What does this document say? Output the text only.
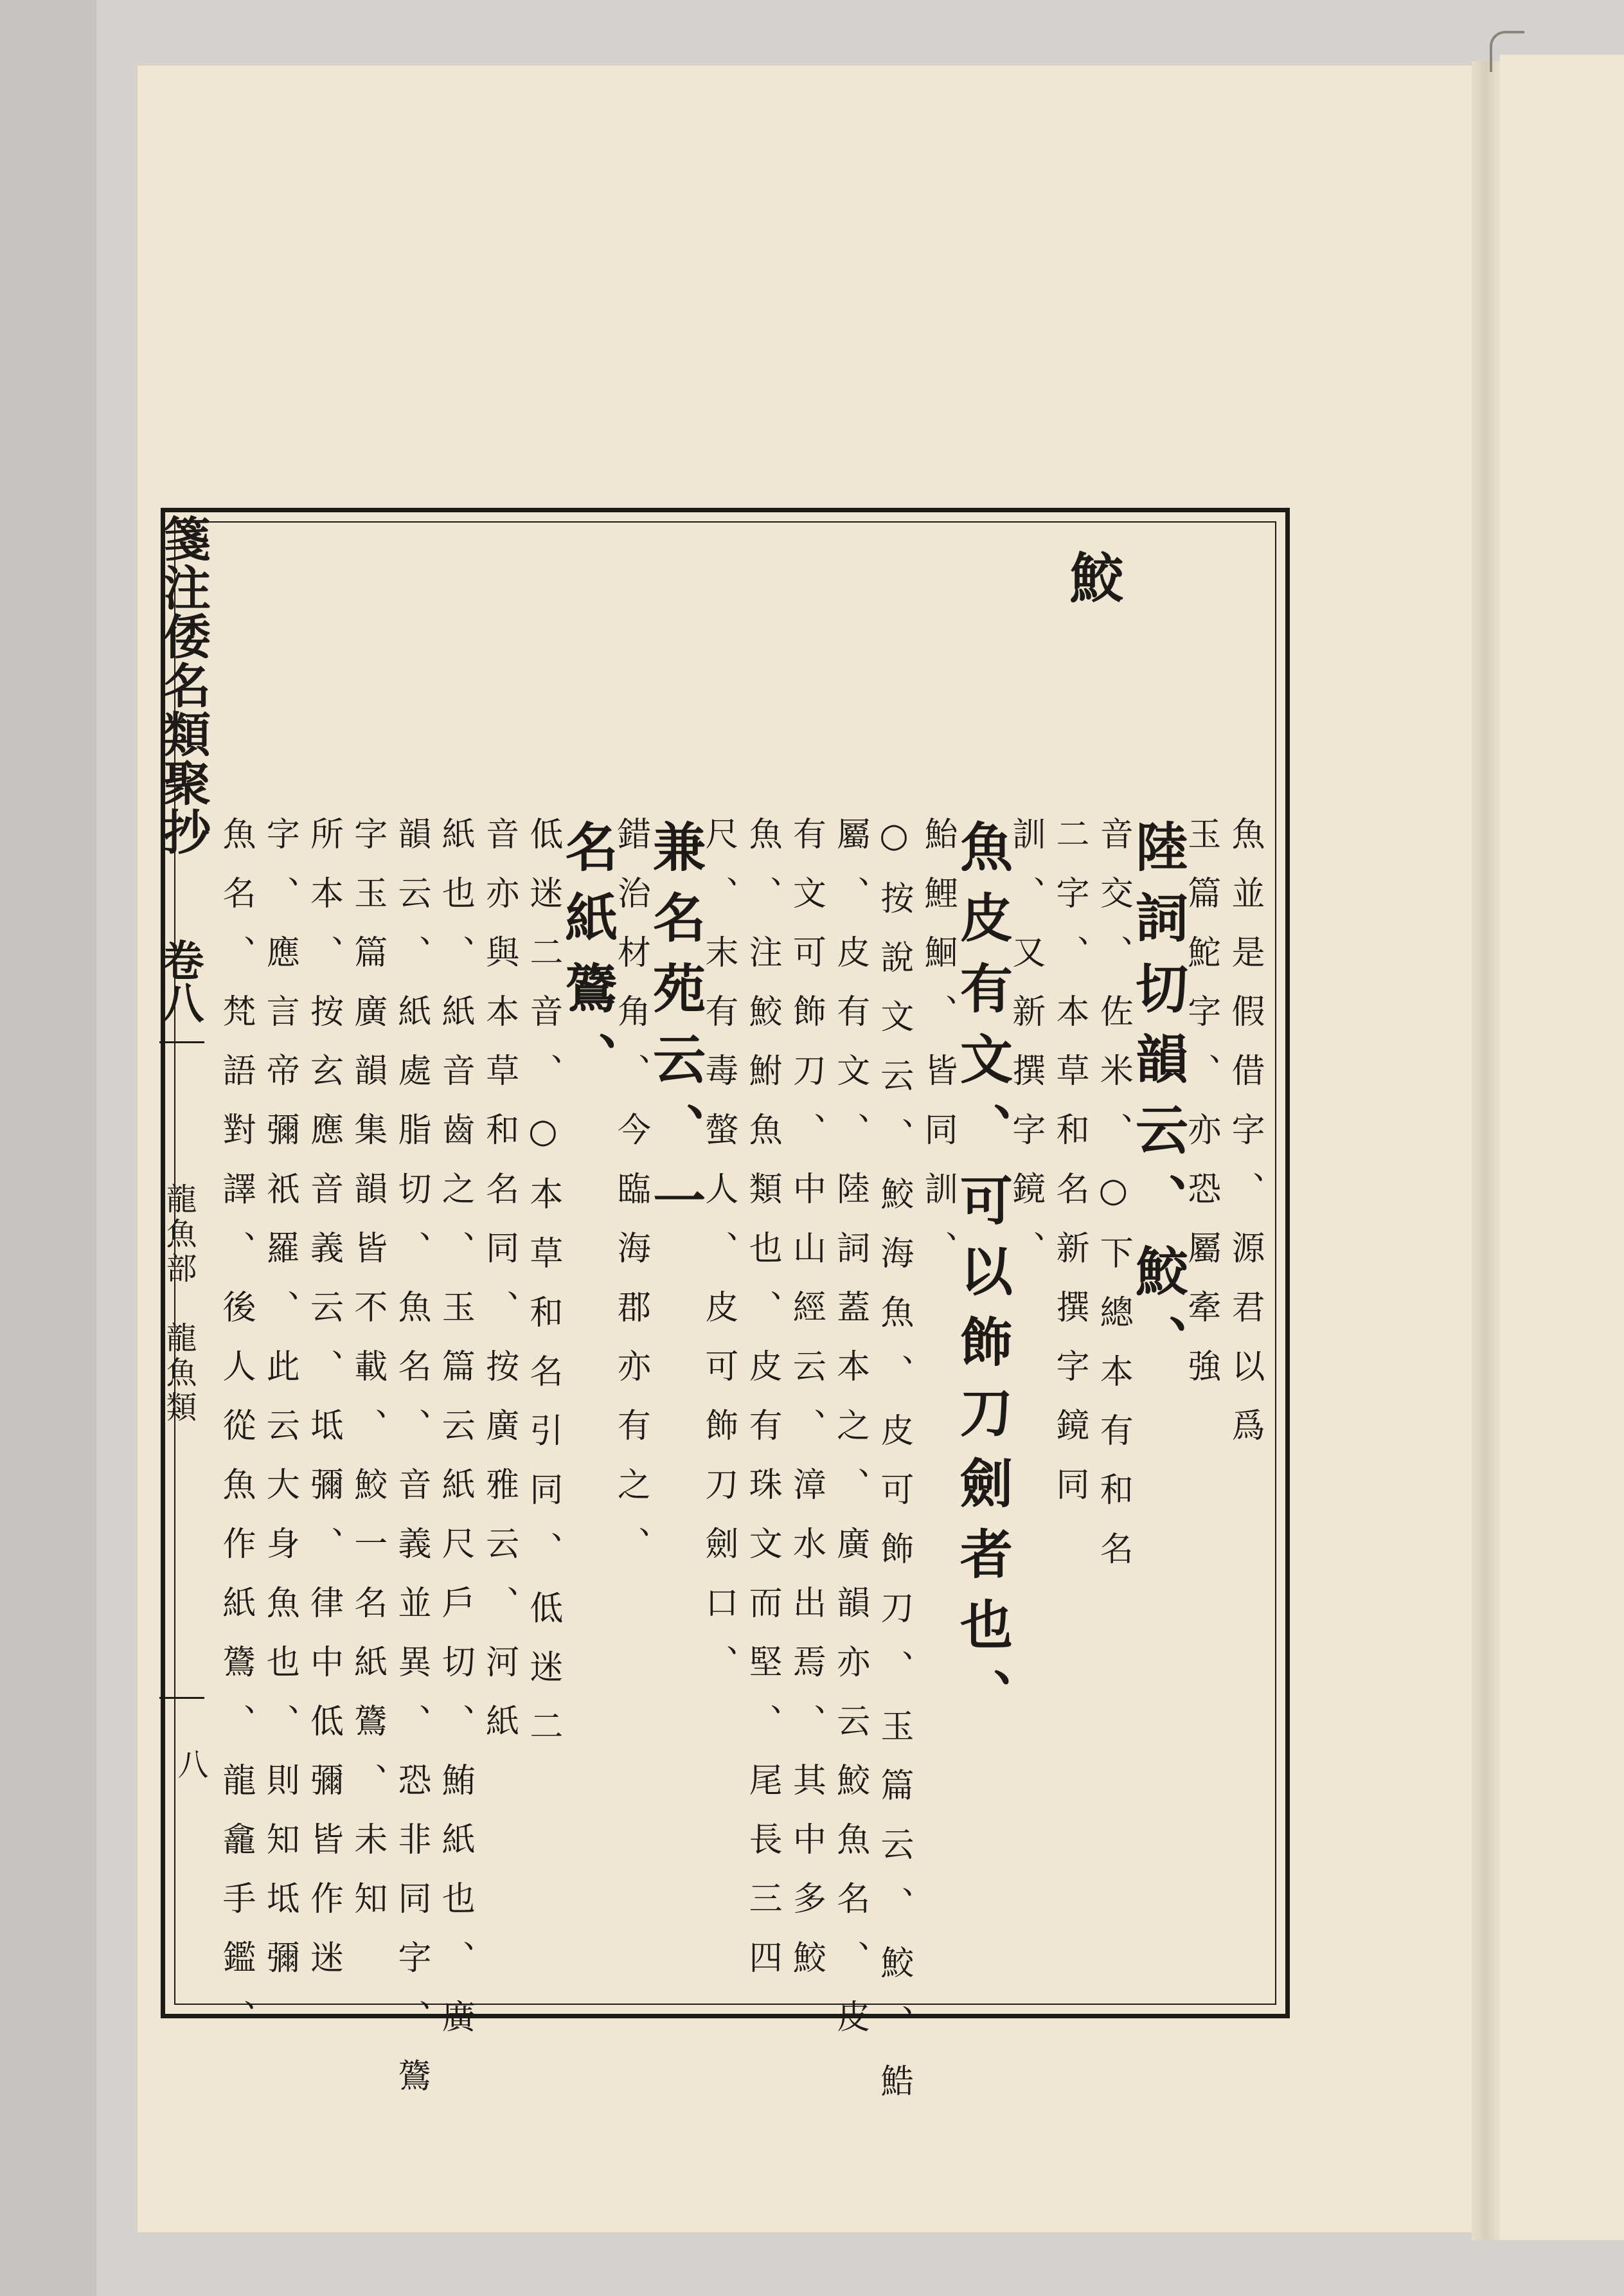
箋注倭名類聚抄
龍魚部　龍魚類
卷八
八
鮫
魚並是假借字、源君以爲
玉篇鮀字、亦恐屬牽強
陸詞切韻云、鮫、
音交、佐米、○下總本有和名
二字、本草和名新撰字鏡同
訓、又新撰字鏡、
魚皮有文、可以飾刀劍者也、
鮐鯉鮰、皆同訓、
○按說文云、鮫海魚、皮可飾刀、玉篇云、鮫、鯌
屬、皮有文、陸詞蓋本之、廣韻亦云鮫魚名、皮
有文可飾刀、中山經云、漳水出焉、其中多鮫
魚、注鮫鮒魚類也、皮有珠文而堅、尾長三四
尺、末有毒螫人、皮可飾刀劍口、
兼名苑云、一
錯治材角、今臨海郡亦有之、
名紙鷟、
低迷二音、○本草和名引同、低迷二
音亦與本草和名同、按廣雅云、河紙
紙也、紙音齒之、玉篇云紙尺戶切、鮪紙也、廣
韻云、紙處脂切、魚名、音義並異、恐非同字、鷟
字玉篇廣韻集韻皆不載、鮫一名紙鷟、未知
所本、按玄應音義云、坻彌、律中低彌皆作迷
字、應言帝彌祇羅、此云大身魚也、則知坻彌
魚名、梵語對譯、後人從魚作紙鷟、龍龕手鑑、
